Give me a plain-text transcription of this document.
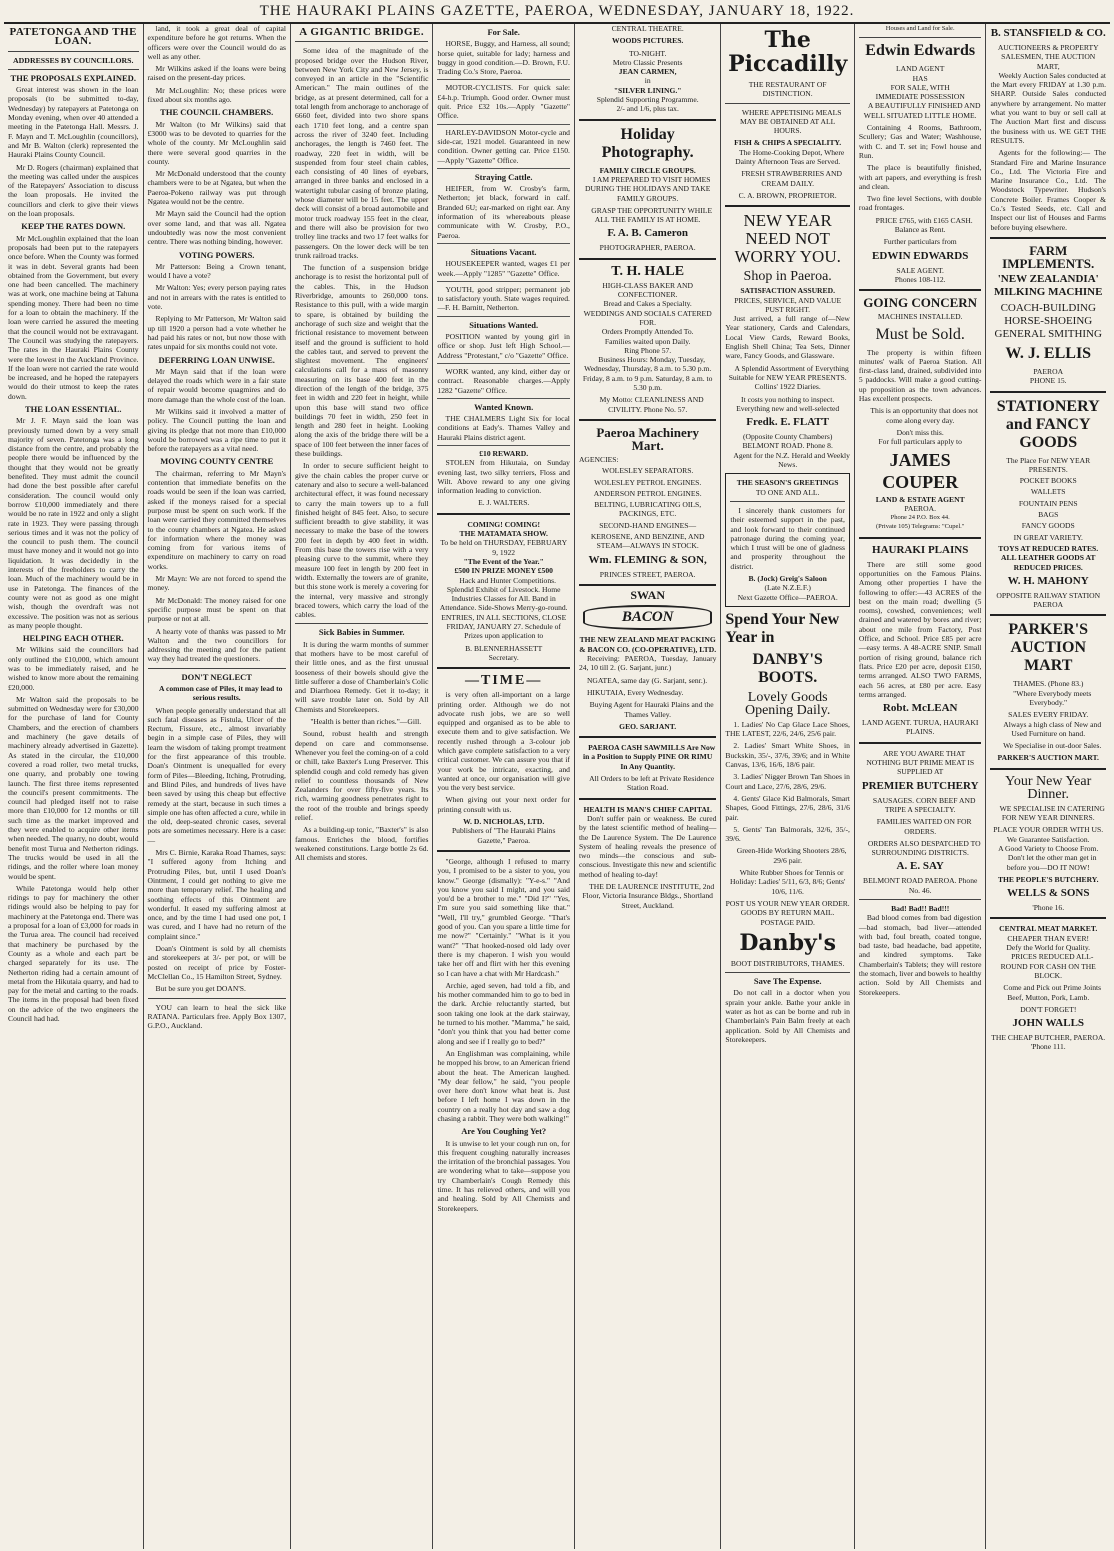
THE HAURAKI PLAINS GAZETTE, PAEROA, WEDNESDAY, JANUARY 18, 1922.
PATETONGA AND THE LOAN.
ADDRESSES BY COUNCILLORS.
THE PROPOSALS EXPLAINED.

Great interest was shown in the loan proposals (to be submitted to-day, Wednesday) by ratepayers at Patetonga on Monday evening, when over 40 attended a meeting in the Patetonga Hall. Messrs. J. F. Mayn and T. McLoughlin (councillors), and Mr B. Walton (clerk) represented the Hauraki Plains County Council.

Mr D. Rogers (chairman) explained that the meeting was called under the auspices of the Ratepayers' Association to discuss the loan proposals. He invited the councillors and clerk to give their views on the loan proposals.

KEEP THE RATES DOWN.

Mr McLoughlin explained that the loan proposals had been put to the ratepayers once before. When the County was formed it was in debt. Several grants had been obtained from the Government, but every one had been cancelled. The machinery was at work, one machine being at Tahuna spending money. There had been no time for a loan to obtain the machinery. If the loan were carried he assured the meeting that the council would not be extravagant. The Council was studying the ratepayers. The rates in the Hauraki Plains County were the lowest in the Auckland Province. If the loan were not carried the rate would be increased, and he hoped the ratepayers would do their utmost to keep the rates down.

THE LOAN ESSENTIAL.

Mr J. F. Mayn said the loan was previously turned down by a very small majority of seven. Patetonga was a long distance from the centre, and probably the people there would be influenced by the thought that they would not be greatly benefited. They must admit the council had done the best possible after careful consideration. The council would only borrow £10,000 immediately and there would be no rate in 1922 and only a slight rate in 1923. They were passing through serious times and it was not the policy of the council to push them. The council must have money and it would not go into liquidation. It was decidedly in the interests of the freeholders to carry the loan. Much of the machinery would be in use in Patetonga. The finances of the county were not as good as one might wish, though the overdraft was not excessive. The position was not as serious as many people thought.

HELPING EACH OTHER.

Mr Wilkins said the councillors had only outlined the £10,000, which amount was to be immediately raised, and he wished to know more about the remaining £20,000.

Mr Walton said the proposals to be submitted on Wednesday were for £30,000 for the purchase of land for County Chambers, and the erection of chambers and machinery (he gave details of machinery already advertised in Gazette). As stated in the circular, the £10,000 covered a road roller, two metal trucks, one quarry, and probably one towing launch. The first three items represented the council's present commitments. The council had pledged itself not to raise more than £10,000 for 12 months or till such time as the market improved and they were enabled to acquire other items when needed. The quarry, no doubt, would benefit most Turua and Netherton ridings. The trucks would be used in all the ridings, and the roller where loan money would be spent.

While Patetonga would help other ridings to pay for machinery the other ridings would also be helping to pay for machinery at the Patetonga end. There was a proposal for a loan of £3,000 for roads in the Turua area. The council had received that machinery be purchased by the County as a whole and each part be charged separately for its use. The Netherton riding had a certain amount of metal from the Hikutaia quarry, and had to pay for the metal and carting to the roads. The items in the proposal had been fixed on the advice of the two engineers the Council had had.

land, it took a great deal of capital expenditure before he got returns. When the officers were over the Council would do as well as any other.

Mr Wilkins asked if the loans were being raised on the present-day prices.

Mr McLoughlin: No; these prices were fixed about six months ago.

THE COUNCIL CHAMBERS.

Mr Walton (to Mr Wilkins) said that £3000 was to be devoted to quarries for the whole of the county. Mr McLoughlin said there were several good quarries in the county.

Mr McDonald understood that the county chambers were to be at Ngatea, but when the Paeroa-Pokeno railway was put through Ngatea would not be the centre.

Mr Mayn said the Council had the option over some land, and that was all. Ngatea undoubtedly was now the most convenient centre. There was nothing binding, however.

VOTING POWERS.

Mr Patterson: Being a Crown tenant, would I have a vote?

Mr Walton: Yes; every person paying rates and not in arrears with the rates is entitled to vote.

Replying to Mr Patterson, Mr Walton said up till 1920 a person had a vote whether he had paid his rates or not, but now those with rates unpaid for six months could not vote.

DEFERRING LOAN UNWISE.

Mr Mayn said that if the loan were delayed the roads which were in a fair state of repair would become quagmires and do more damage than the whole cost of the loan.

Mr Wilkins said it involved a matter of policy. The Council putting the loan and giving its pledge that not more than £10,000 would be borrowed was a ripe time to put it before the ratepayers as a vital need.

MOVING COUNTY CENTRE

The chairman, referring to Mr Mayn's contention that immediate benefits on the roads would be seen if the loan was carried, asked if the moneys raised for a special purpose must be spent on such work. If the loan were carried they committed themselves to the county chambers at Ngatea. He asked for information where the money was coming from for various items of expenditure on machinery to carry on road works.

Mr Mayn: We are not forced to spend the money.

Mr McDonald: The money raised for one specific purpose must be spent on that purpose or not at all.

A hearty vote of thanks was passed to Mr Walton and the two councillors for addressing the meeting and for the patient way they had treated the questioners.

DON'T NEGLECT

A common case of Piles, it may lead to serious results.

When people generally understand that all such fatal diseases as Fistula, Ulcer of the Rectum, Fissure, etc., almost invariably begin in a simple case of Piles, they will learn the wisdom of taking prompt treatment for the first appearance of this trouble. Doan's Ointment is unequalled for every form of Piles—Bleeding, Itching, Protruding, and Blind Piles, and hundreds of lives have been saved by using this cheap but effective remedy at the start, because in such times a simple one has often affected a cure, while in the old, deep-seated chronic cases, several pots are sometimes necessary. Here is a case:—

Mrs C. Birnie, Karaka Road Thames, says: "I suffered agony from Itching and Protruding Piles, but, until I used Doan's Ointment, I could get nothing to give me more than temporary relief. The healing and soothing effects of this Ointment are wonderful. It eased my suffering almost at once, and by the time I had used one pot, I was cured, and I have had no return of the complaint since."

Doan's Ointment is sold by all chemists and storekeepers at 3/- per pot, or will be posted on receipt of price by Foster-McClellan Co., 15 Hamilton Street, Sydney.

But be sure you get DOAN'S.

YOU can learn to heal the sick like RATANA. Particulars free. Apply Box 1307, G.P.O., Auckland.

A GIGANTIC BRIDGE.

Some idea of the magnitude of the proposed bridge over the Hudson River, between New York City and New Jersey, is conveyed in an article in the "Scientific American." The main outlines of the bridge, as at present determined, call for a total length from anchorage to anchorage of 6660 feet, divided into two shore spans each 1710 feet long, and a centre span across the river of 3240 feet. Including anchorages, the length is 7460 feet. The roadway, 220 feet in width, will be suspended from four steel chain cables, each consisting of 40 lines of eyebars, arranged in three banks and enclosed in a watertight tubular casing of bronze plating, whose diameter will be 15 feet. The upper deck will consist of a broad automobile and motor truck roadway 155 feet in the clear, and there will also be provision for two trolley line tracks and two 17 feet walks for passengers. On the lower deck will be ten trunk railroad tracks.

The function of a suspension bridge anchorage is to resist the horizontal pull of the cables. This, in the Hudson Riverbridge, amounts to 260,000 tons. Resistance to this pull, with a wide margin to spare, is obtained by building the anchorage of such size and weight that the frictional resistance to movement between itself and the ground is sufficient to hold the cables taut, and served to prevent the slightest movement. The engineers' calculations call for a mass of masonry measuring on its base 400 feet in the direction of the length of the bridge, 375 feet in width and 220 feet in height, while upon this base will stand two office buildings 70 feet in width, 250 feet in length and 280 feet in height. Looking along the axis of the bridge there will be a space of 100 feet between the inner faces of these buildings.

In order to secure sufficient height to give the chain cables the proper curve or catenary and also to secure a well-balanced architectural effect, it was found necessary to carry the main towers up to a full finished height of 845 feet. Also, to secure sufficient breadth to give stability, it was necessary to make the base of the towers 200 feet in depth by 400 feet in width. From this base the towers rise with a very pleasing curve to the summit, where they measure 100 feet in length by 200 feet in width. Externally the towers are of granite, but this stone work is merely a covering for the internal, very massive and strongly braced towers, which carry the load of the cables.

Sick Babies in Summer.

It is during the warm months of summer that mothers have to be most careful of their little ones, and as the first unusual looseness of their bowels should give the little sufferer a dose of Chamberlain's Colic and Diarrhoea Remedy. Get it to-day; it will save trouble later on. Sold by All Chemists and Storekeepers.

"Health is better than riches."—Gill.

Sound, robust health and strength depend on care and commonsense. Whenever you feel the coming-on of a cold or chill, take Baxter's Lung Preserver. This splendid cough and cold remedy has given relief to countless thousands of New Zealanders for over fifty-five years. Its rich, warming goodness penetrates right to the root of the trouble and brings speedy relief.

As a building-up tonic, "Baxter's" is also famous. Enriches the blood, fortifies weakened constitutions. Large bottle 2s 6d. All chemists and stores.

For Sale.

HORSE, Buggy, and Harness, all sound; horse quiet, suitable for lady; harness and buggy in good condition.—D. Brown, F.U. Trading Co.'s Store, Paeroa.

MOTOR-CYCLISTS. For quick sale: £4-h.p. Triumph. Good order. Owner must quit. Price £32 10s.—Apply "Gazette" Office.

HARLEY-DAVIDSON Motor-cycle and side-car, 1921 model. Guaranteed in new condition. Owner getting car. Price £150.—Apply "Gazette" Office.

Straying Cattle.

HEIFER, from W. Crosby's farm, Netherton; jet black, forward in calf. Branded 6U; ear-marked on right ear. Any information of its whereabouts please communicate with W. Crosby, P.O., Paeroa.

Situations Vacant.

HOUSEKEEPER wanted, wages £1 per week.—Apply "1285" "Gazette" Office.

YOUTH, good stripper; permanent job to satisfactory youth. State wages required.—F. H. Barnitt, Netherton.

Situations Wanted.

POSITION wanted by young girl in office or shop. Just left High School.—Address "Protestant," c/o "Gazette" Office.

WORK wanted, any kind, either day or contract. Reasonable charges.—Apply 1282 "Gazette" Office.

Wanted Known.

THE CHALMERS Light Six for local conditions at Eady's. Thames Valley and Hauraki Plains district agent.

£10 REWARD.

STOLEN from Hikutaia, on Sunday evening last, two silky terriers, Floss and Wilt. Above reward to any one giving information leading to conviction.

E. J. WALTERS.
COMING! COMING!
THE MATAMATA SHOW.
To be held on THURSDAY, FEBRUARY 9, 1922
"The Event of the Year."
£500 IN PRIZE MONEY £500

Hack and Hunter Competitions. Splendid Exhibit of Livestock. Home Industries Classes for All. Band in Attendance. Side-Shows Merry-go-round. ENTRIES, IN ALL SECTIONS, CLOSE FRIDAY, JANUARY 27. Schedule of Prizes upon application to

B. BLENNERHASSETT
Secretary.
—TIME—

is very often all-important on a large printing order. Although we do not advocate rush jobs, we are so well equipped and organised as to be able to execute them and to give satisfaction. We recently rushed through a 3-colour job which gave complete satisfaction to a very critical customer. We can assure you that if your work be intricate, exacting, and wanted at once, our organisation will give you the very best service.

When giving out your next order for printing consult with us.

W. D. NICHOLAS, LTD.
Publishers of "The Hauraki Plains Gazette," Paeroa.

"George, although I refused to marry you, I promised to be a sister to you, you know." George (dismally): "Y-e-s." "And you know you said I might, and you said you'd be a brother to me." "Did I?" "Yes, I'm sure you said something like that." "Well, I'll try," grumbled George. "That's good of you. Can you spare a little time for me now?" "Certainly." "What is it you want?" "That hooked-nosed old lady over there is my chaperon. I wish you would take her off and flirt with her this evening so I can have a chat with Mr Hardcash."

Archie, aged seven, had told a fib, and his mother commanded him to go to bed in the dark. Archie reluctantly started, but soon taking one look at the dark stairway, he turned to his mother. "Mamma," he said, "don't you think that you had better come along and see if I really go to bed?"

An Englishman was complaining, while he mopped his brow, to an American friend about the heat. The American laughed. "My dear fellow," he said, "you people over here don't know what heat is. Just before I left home I was down in the country on a really hot day and saw a dog chasing a rabbit. They were both walking!"

Are You Coughing Yet?

It is unwise to let your cough run on, for this frequent coughing naturally increases the irritation of the bronchial passages. You are wondering what to take—suppose you try Chamberlain's Cough Remedy this time. It has relieved others, and will you and healing. Sold by All Chemists and Storekeepers.

CENTRAL THEATRE.
WOODS PICTURES.
TO-NIGHT.
Metro Classic Presents
JEAN CARMEN,
in
"SILVER LINING."
Splendid Supporting Programme.
2/- and 1/6, plus tax.
Holiday Photography.
FAMILY CIRCLE GROUPS.

I AM PREPARED TO VISIT HOMES DURING THE HOLIDAYS AND TAKE FAMILY GROUPS.

GRASP THE OPPORTUNITY WHILE ALL THE FAMILY IS AT HOME.

F. A. B. Cameron
PHOTOGRAPHER, PAEROA.
T. H. HALE
HIGH-CLASS BAKER AND CONFECTIONER.
Bread and Cakes a Specialty.
WEDDINGS AND SOCIALS CATERED FOR.
Orders Promptly Attended To.
Families waited upon Daily.
Ring Phone 57.

Business Hours: Monday, Tuesday, Wednesday, Thursday, 8 a.m. to 5.30 p.m. Friday, 8 a.m. to 9 p.m. Saturday, 8 a.m. to 5.30 p.m.

My Motto: CLEANLINESS AND CIVILITY. Phone No. 57.

Paeroa Machinery Mart.
AGENCIES:
WOLESLEY SEPARATORS.
WOLESLEY PETROL ENGINES.
ANDERSON PETROL ENGINES.
BELTING, LUBRICATING OILS, PACKINGS, ETC.
SECOND-HAND ENGINES—
KEROSENE, AND BENZINE, AND STEAM—ALWAYS IN STOCK.
Wm. FLEMING & SON,
PRINCES STREET, PAEROA.
SWAN
BACON
THE NEW ZEALAND MEAT PACKING & BACON CO. (CO-OPERATIVE), LTD.

Receiving: PAEROA, Tuesday, January 24, 10 till 2. (G. Sarjant, junr.)

NGATEA, same day (G. Sarjant, senr.).

HIKUTAIA, Every Wednesday.

Buying Agent for Hauraki Plains and the Thames Valley.

GEO. SARJANT.

PAEROA CASH SAWMILLS Are Now in a Position to Supply PINE OR RIMU In Any Quantity.

All Orders to be left at Private Residence Station Road.

HEALTH IS MAN'S CHIEF CAPITAL

Don't suffer pain or weakness. Be cured by the latest scientific method of healing—the De Laurence System. The De Laurence System of healing reveals the presence of two minds—the conscious and sub-conscious. Investigate this new and scientific method of healing to-day!

THE DE LAURENCE INSTITUTE, 2nd Floor, Victoria Insurance Bldgs., Shortland Street, Auckland.

The Piccadilly
THE RESTAURANT OF DISTINCTION.

WHERE APPETISING MEALS MAY BE OBTAINED AT ALL HOURS.

FISH & CHIPS A SPECIALITY.

The Home-Cooking Depot, Where Dainty Afternoon Teas are Served.

FRESH STRAWBERRIES AND CREAM DAILY.

C. A. BROWN, PROPRIETOR.
NEW YEAR NEED NOT WORRY YOU.
Shop in Paeroa.
SATISFACTION ASSURED.
PRICES, SERVICE, AND VALUE PUST RIGHT.

Just arrived, a full range of—New Year stationery, Cards and Calendars, Local View Cards, Reward Books, English Shell China; Tea Sets, Dinner ware, Fancy Goods, and Glassware.

A Splendid Assortment of Everything Suitable for NEW YEAR PRESENTS. Collins' 1922 Diaries.

It costs you nothing to inspect.
Everything new and well-selected
Fredk. E. FLATT
(Opposite County Chambers) BELMONT ROAD. Phone 8.

Agent for the N.Z. Herald and Weekly News.

THE SEASON'S GREETINGS
TO ONE AND ALL.

I sincerely thank customers for their esteemed support in the past, and look forward to their continued patronage during the coming year, which I trust will be one of gladness and prosperity throughout the district.

B. (Jock) Greig's Saloon
(Late N.Z.E.F.)
Next Gazette Office—PAEROA.
Spend Your New Year in
DANBY'S BOOTS.
Lovely Goods Opening Daily.

1. Ladies' No Cap Glace Lace Shoes, THE LATEST, 22/6, 24/6, 25/6 pair.

2. Ladies' Smart White Shoes, in Buckskin, 35/-, 37/6, 39/6; and in White Canvas, 13/6, 16/6, 18/6 pair.

3. Ladies' Nigger Brown Tan Shoes in Court and Lace, 27/6, 28/6, 29/6.

4. Gents' Glace Kid Balmorals, Smart Shapes, Good Fittings, 27/6, 28/6, 31/6 pair.

5. Gents' Tan Balmorals, 32/6, 35/-, 39/6.

Green-Hide Working Shooters 28/6, 29/6 pair.

White Rubber Shoes for Tennis or Holiday: Ladies' 5/11, 6/3, 8/6; Gents' 10/6, 11/6.

POST US YOUR NEW YEAR ORDER.
GOODS BY RETURN MAIL. POSTAGE PAID.
Danby's
BOOT DISTRIBUTORS, THAMES.
Save The Expense.

Do not call in a doctor when you sprain your ankle. Bathe your ankle in water as hot as can be borne and rub in Chamberlain's Pain Balm freely at each application. Sold by All Chemists and Storekeepers.

Houses and Land for Sale.
Edwin Edwards
LAND AGENT
HAS
FOR SALE, WITH
IMMEDIATE POSSESSION

A BEAUTIFULLY FINISHED AND WELL SITUATED LITTLE HOME.

Containing 4 Rooms, Bathroom, Scullery; Gas and Water; Washhouse, with C. and T. set in; Fowl house and Run.

The place is beautifully finished, with art papers, and everything is fresh and clean.

Two fine level Sections, with double road frontages.

PRICE £765, with £165 CASH. Balance as Rent.

Further particulars from
EDWIN EDWARDS
SALE AGENT.
Phones 108-112.
GOING CONCERN
MACHINES INSTALLED.
Must be Sold.

The property is within fifteen minutes' walk of Paeroa Station. All first-class land, drained, subdivided into 5 paddocks. Will make a good cutting-up proposition as the town advances. Has excellent prospects.

This is an opportunity that does not come along every day.

Don't miss this.
For full particulars apply to
JAMES
COUPER
LAND & ESTATE AGENT
PAEROA.
Phone 24 P.O. Box 44.
(Private 105) Telegrams: "Cupel."
HAURAKI PLAINS

There are still some good opportunities on the Famous Plains. Among other properties I have the following to offer:—43 ACRES of the best on the main road; dwelling (5 rooms), cowshed, conveniences; well drained and watered by bores and river; about one mile from Factory, Post Office, and School. Price £85 per acre—easy terms. A 48-ACRE SNIP. Small portion of rising ground, balance rich flats. Price £20 per acre, deposit £150, terms arranged. ALSO TWO FARMS, each 56 acres, at £80 per acre. Easy terms arranged.

Robt. McLEAN
LAND AGENT. TURUA, HAURAKI PLAINS.

ARE YOU AWARE THAT NOTHING BUT PRIME MEAT IS SUPPLIED AT

PREMIER BUTCHERY

SAUSAGES. CORN BEEF AND TRIPE A SPECIALTY.

FAMILIES WAITED ON FOR ORDERS.

ORDERS ALSO DESPATCHED TO SURROUNDING DISTRICTS.

A. E. SAY
BELMONT ROAD PAEROA. Phone No. 46.
Bad! Bad!! Bad!!!

Bad blood comes from bad digestion—bad stomach, bad liver—attended with bad, foul breath, coated tongue, bad taste, bad headache, bad appetite, and kindred symptoms. Take Chamberlain's Tablets; they will restore the stomach, liver and bowels to healthy action. Sold by All Chemists and Storekeepers.

B. STANSFIELD & CO.
AUCTIONEERS & PROPERTY SALESMEN, THE AUCTION MART,

Weekly Auction Sales conducted at the Mart every FRIDAY at 1.30 p.m. SHARP. Outside Sales conducted anywhere by arrangement. No matter what you want to buy or sell call at The Auction Mart first and discuss the business with us. WE GET THE RESULTS.

Agents for the following:— The Standard Fire and Marine Insurance Co., Ltd. The Victoria Fire and Marine Insurance Co., Ltd. The Woodstock Typewriter. Hudson's Concrete Boiler. Frames Cooper & Co.'s Tested Seeds, etc. Call and Inspect our list of Houses and Farms before buying elsewhere.

FARM IMPLEMENTS.
'NEW ZEALANDIA' MILKING MACHINE
COACH-BUILDING HORSE-SHOEING GENERAL SMITHING
W. J. ELLIS
PAEROA
PHONE 15.
STATIONERY and FANCY GOODS
The Place For NEW YEAR PRESENTS.
POCKET BOOKS
WALLETS
FOUNTAIN PENS
BAGS
FANCY GOODS
IN GREAT VARIETY.
TOYS AT REDUCED RATES.
ALL LEATHER GOODS AT REDUCED PRICES.
W. H. MAHONY
OPPOSITE RAILWAY STATION PAEROA
PARKER'S AUCTION MART
THAMES. (Phone 83.)

"Where Everybody meets Everybody."

SALES EVERY FRIDAY.

Always a high class of New and Used Furniture on hand.

We Specialise in out-door Sales.

PARKER'S AUCTION MART.
Your New Year Dinner.

WE SPECIALISE IN CATERING FOR NEW YEAR DINNERS.

PLACE YOUR ORDER WITH US.
We Guarantee Satisfaction.
A Good Variety to Choose From.

Don't let the other man get in before you—DO IT NOW!

THE PEOPLE'S BUTCHERY.
WELLS & SONS
'Phone 16.
CENTRAL MEAT MARKET.
CHEAPER THAN EVER!
Defy the World for Quality.

PRICES REDUCED ALL-ROUND FOR CASH ON THE BLOCK.

Come and Pick out Prime Joints Beef, Mutton, Pork, Lamb.

DON'T FORGET!
JOHN WALLS
THE CHEAP BUTCHER, PAEROA.
'Phone 111.
